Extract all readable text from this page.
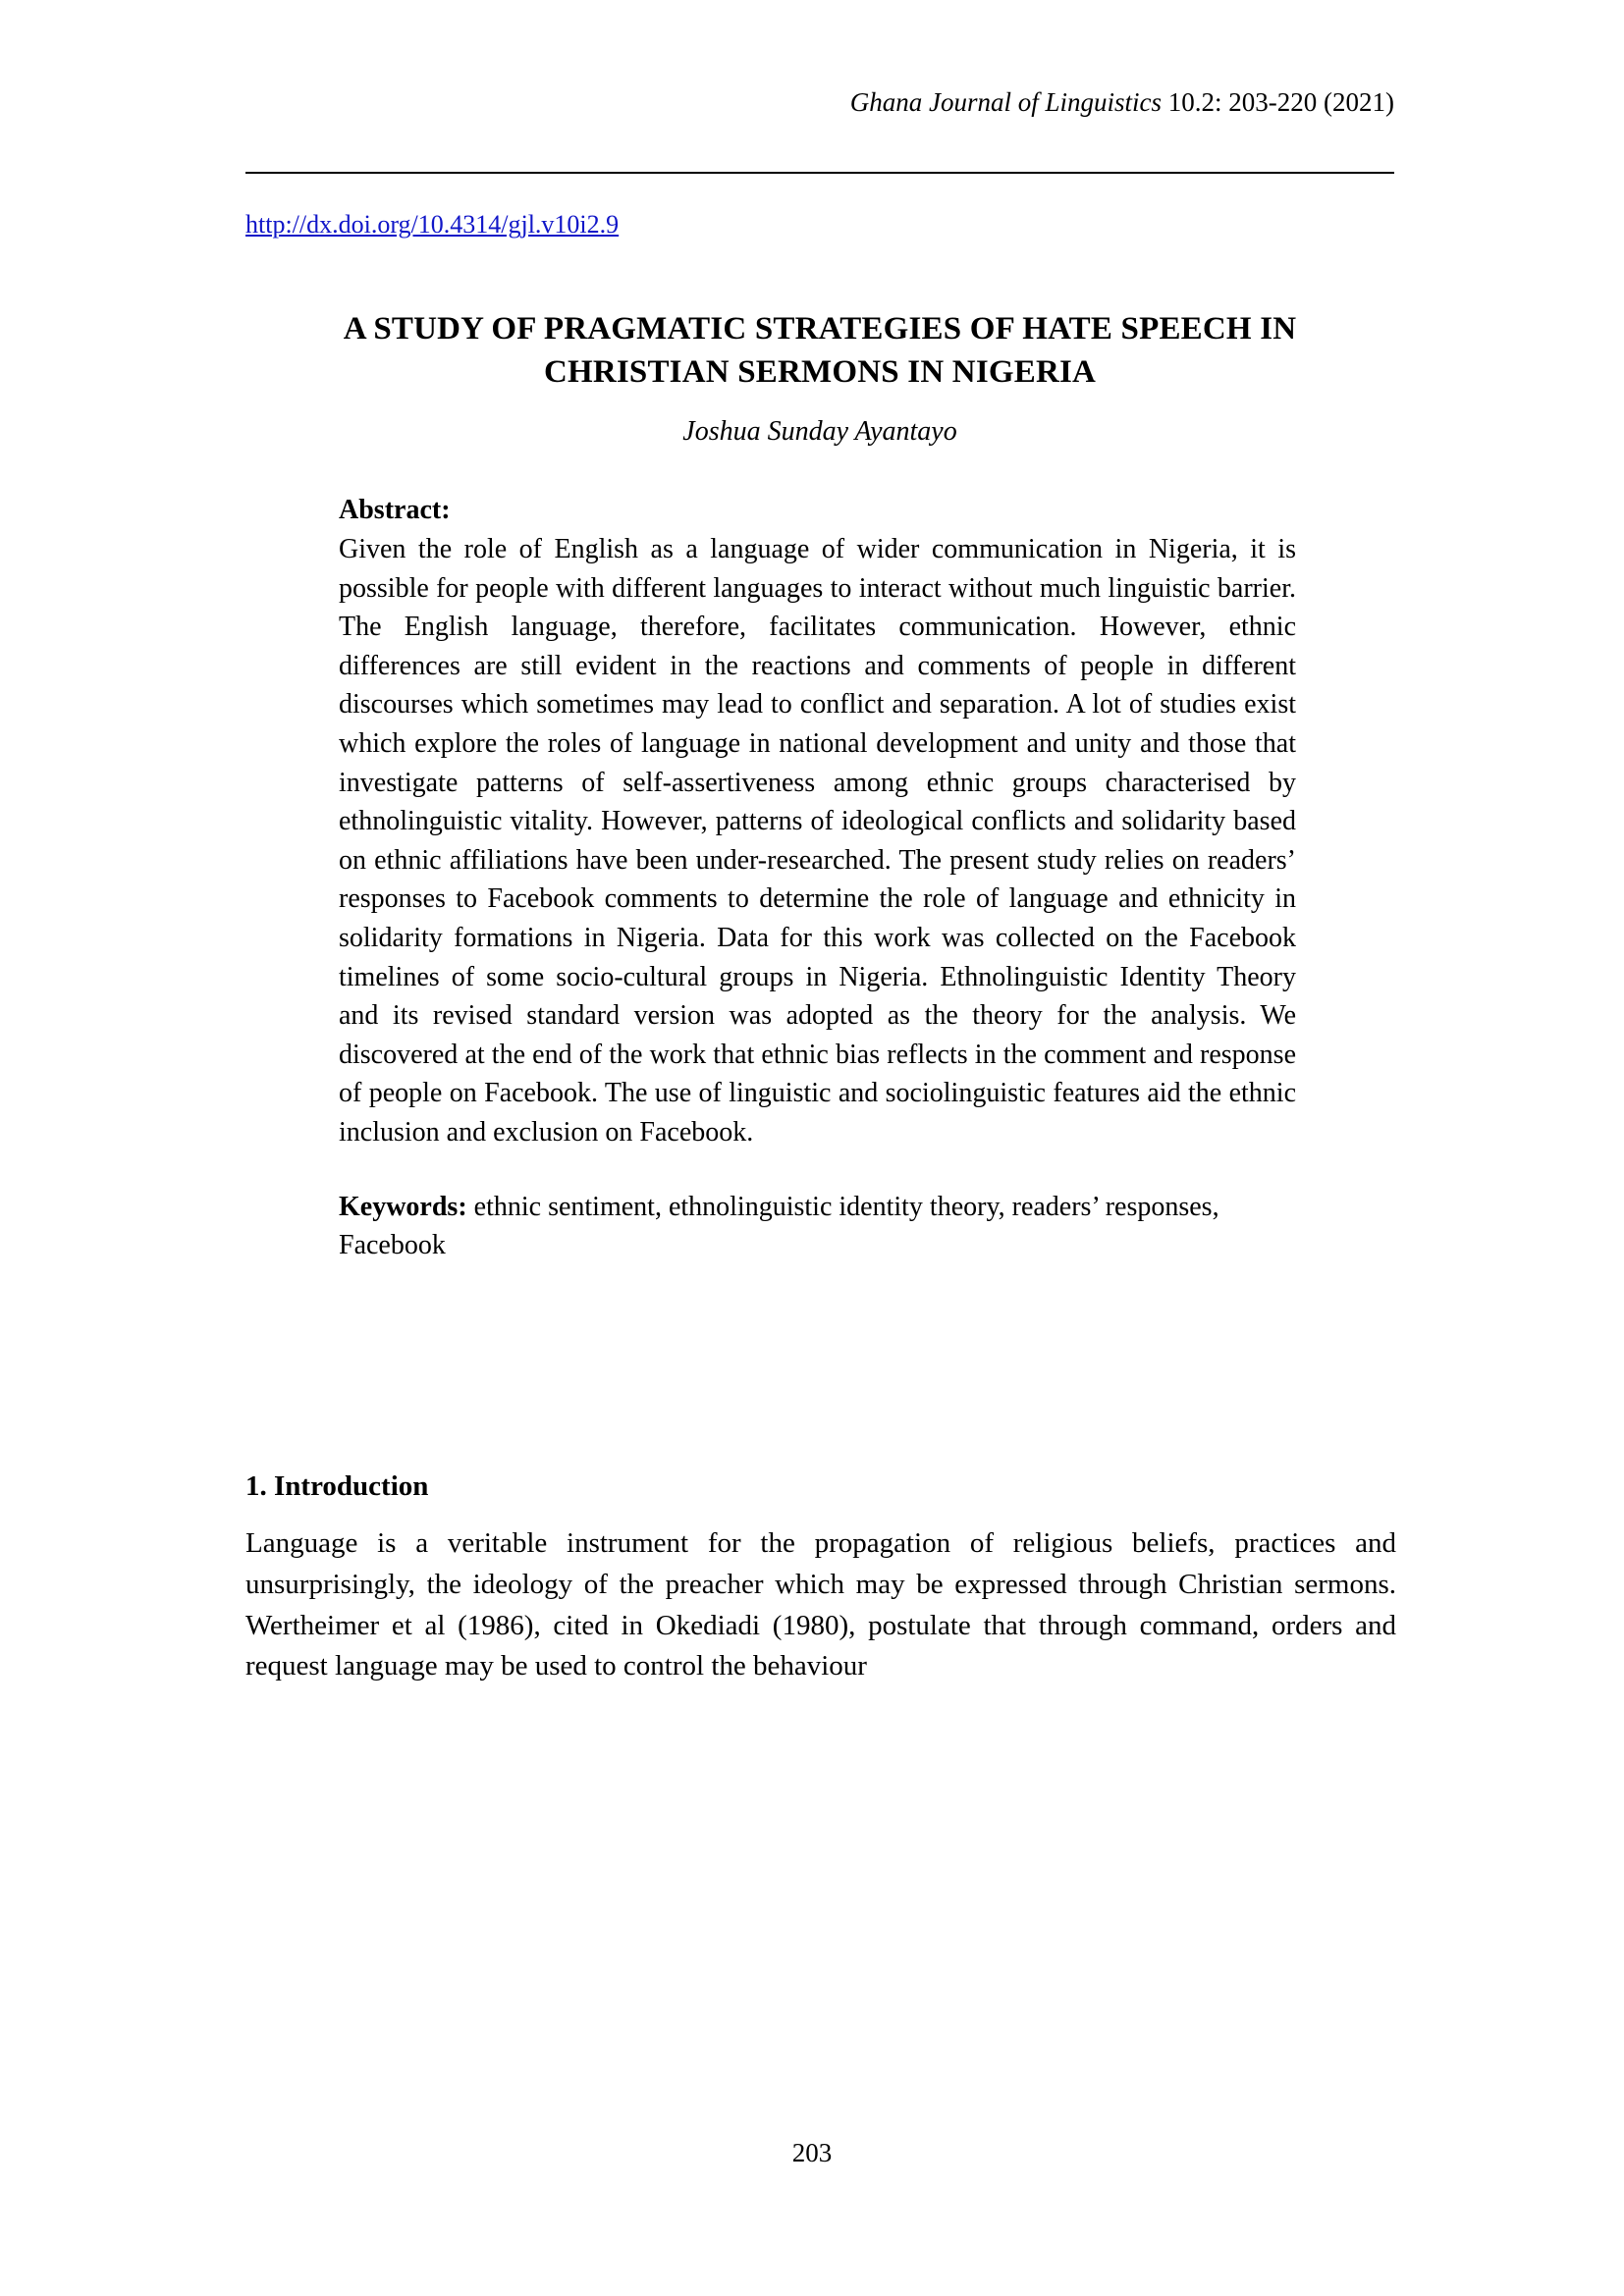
Ghana Journal of Linguistics 10.2: 203-220 (2021)
http://dx.doi.org/10.4314/gjl.v10i2.9
A STUDY OF PRAGMATIC STRATEGIES OF HATE SPEECH IN
CHRISTIAN SERMONS IN NIGERIA
Joshua Sunday Ayantayo
Abstract:

Given the role of English as a language of wider communication in Nigeria, it is possible for people with different languages to interact without much linguistic barrier. The English language, therefore, facilitates communication. However, ethnic differences are still evident in the reactions and comments of people in different discourses which sometimes may lead to conflict and separation. A lot of studies exist which explore the roles of language in national development and unity and those that investigate patterns of self-assertiveness among ethnic groups characterised by ethnolinguistic vitality. However, patterns of ideological conflicts and solidarity based on ethnic affiliations have been under-researched. The present study relies on readers’ responses to Facebook comments to determine the role of language and ethnicity in solidarity formations in Nigeria. Data for this work was collected on the Facebook timelines of some socio-cultural groups in Nigeria. Ethnolinguistic Identity Theory and its revised standard version was adopted as the theory for the analysis. We discovered at the end of the work that ethnic bias reflects in the comment and response of people on Facebook. The use of linguistic and sociolinguistic features aid the ethnic inclusion and exclusion on Facebook.

Keywords: ethnic sentiment, ethnolinguistic identity theory, readers’ responses, Facebook

1. Introduction

Language is a veritable instrument for the propagation of religious beliefs, practices and unsurprisingly, the ideology of the preacher which may be expressed through Christian sermons. Wertheimer et al (1986), cited in Okediadi (1980), postulate that through command, orders and request language may be used to control the behaviour

203
